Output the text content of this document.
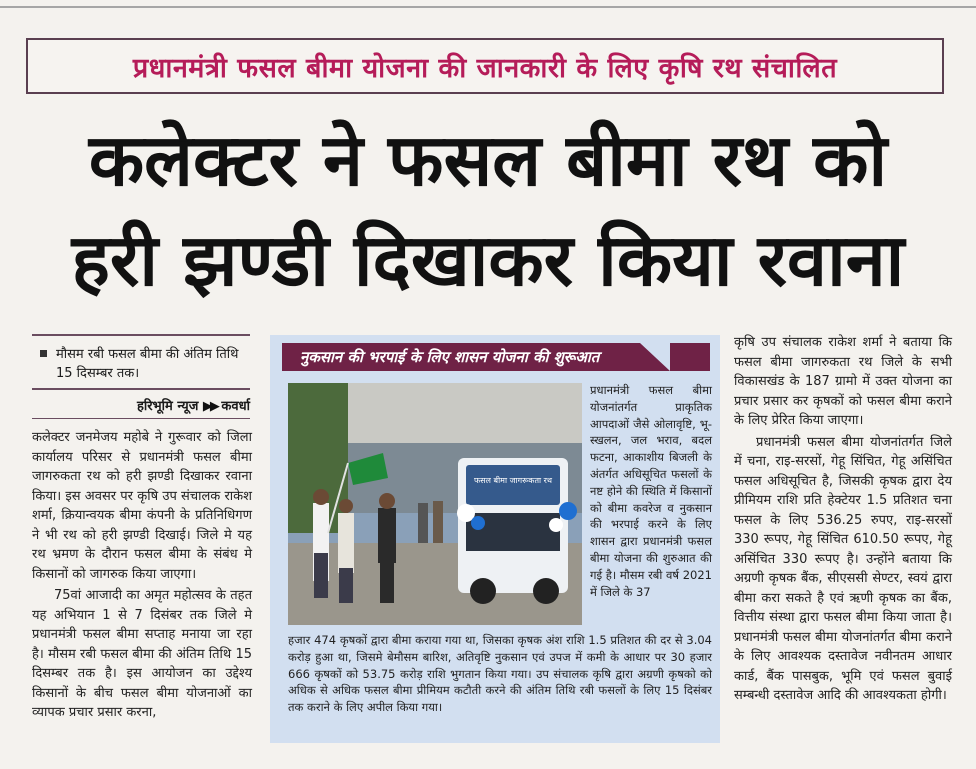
प्रधानमंत्री फसल बीमा योजना की जानकारी के लिए कृषि रथ संचालित
कलेक्टर ने फसल बीमा रथ को
हरी झण्डी दिखाकर किया रवाना
मौसम रबी फसल बीमा की अंतिम तिथि 15 दिसम्बर तक।
हरिभूमि न्यूज ▶▶ कवर्धा

कलेक्टर जनमेजय महोबे ने गुरूवार को जिला कार्यालय परिसर से प्रधानमंत्री फसल बीमा जागरुकता रथ को हरी झण्डी दिखाकर रवाना किया। इस अवसर पर कृषि उप संचालक राकेश शर्मा, क्रियान्वयक बीमा कंपनी के प्रतिनिधिगण ने भी रथ को हरी झण्डी दिखाई। जिले मे यह रथ भ्रमण के दौरान फसल बीमा के संबंध मे किसानों को जागरुक किया जाएगा।

75वां आजादी का अमृत महोत्सव के तहत यह अभियान 1 से 7 दिसंबर तक जिले मे प्रधानमंत्री फसल बीमा सप्ताह मनाया जा रहा है। मौसम रबी फसल बीमा की अंतिम तिथि 15 दिसम्बर तक है। इस आयोजन का उद्देश्य किसानों के बीच फसल बीमा योजनाओं का व्यापक प्रचार प्रसार करना,

नुकसान की भरपाई के लिए शासन योजना की शुरूआत
फसल बीमा जागरूकता रथ

प्रधानमंत्री फसल बीमा योजनांतर्गत प्राकृतिक आपदाओं जैसे ओलावृष्टि, भू-स्खलन, जल भराव, बदल फटना, आकाशीय बिजली के अंतर्गत अधिसूचित फसलों के नष्ट होने की स्थिति में किसानों को बीमा कवरेज व नुकसान की भरपाई करने के लिए शासन द्वारा प्रधानमंत्री फसल बीमा योजना की शुरुआत की गई है। मौसम रबी वर्ष 2021 में जिले के 37

हजार 474 कृषकों द्वारा बीमा कराया गया था, जिसका कृषक अंश राशि 1.5 प्रतिशत की दर से 3.04 करोड़ हुआ था, जिसमे बेमौसम बारिश, अतिवृष्टि नुकसान एवं उपज में कमी के आधार पर 30 हजार 666 कृषकों को 53.75 करोड़ राशि भुगतान किया गया। उप संचालक कृषि द्वारा अग्रणी कृषको को अधिक से अधिक फसल बीमा प्रीमियम कटौती करने की अंतिम तिथि रबी फसलों के लिए 15 दिसंबर तक कराने के लिए अपील किया गया।

कृषि उप संचालक राकेश शर्मा ने बताया कि फसल बीमा जागरुकता रथ जिले के सभी विकासखंड के 187 ग्रामो में उक्त योजना का प्रचार प्रसार कर कृषकों को फसल बीमा कराने के लिए प्रेरित किया जाएगा।

प्रधानमंत्री फसल बीमा योजनांतर्गत जिले में चना, राइ-सरसों, गेहू सिंचित, गेहू असिंचित फसल अधिसूचित है, जिसकी कृषक द्वारा देय प्रीमियम राशि प्रति हेक्टेयर 1.5 प्रतिशत चना फसल के लिए 536.25 रुपए, राइ-सरसों 330 रूपए, गेहू सिंचित 610.50 रूपए, गेहू असिंचित 330 रूपए है। उन्होंने बताया कि अग्रणी कृषक बैंक, सीएससी सेण्टर, स्वयं द्वारा बीमा करा सकते है एवं ऋणी कृषक का बैंक, वित्तीय संस्था द्वारा फसल बीमा किया जाता है। प्रधानमंत्री फसल बीमा योजनांतर्गत बीमा कराने के लिए आवश्यक दस्तावेज नवीनतम आधार कार्ड, बैंक पासबुक, भूमि एवं फसल बुवाई सम्बन्धी दस्तावेज आदि की आवश्यकता होगी।
